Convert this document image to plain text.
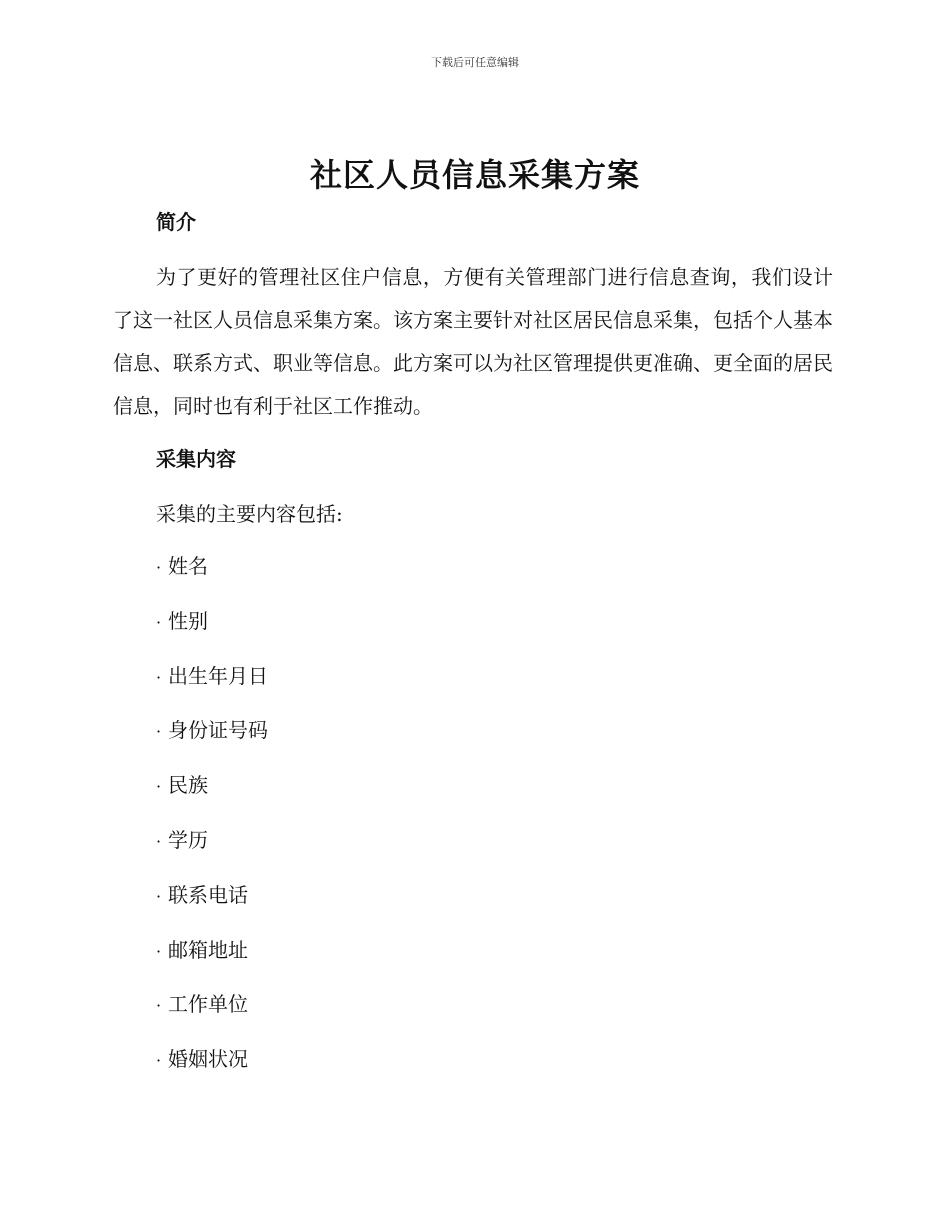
下载后可任意编辑
社区人员信息采集方案
简介

为了更好的管理社区住户信息，方便有关管理部门进行信息查询，我们设计了这一社区人员信息采集方案。该方案主要针对社区居民信息采集，包括个人基本信息、联系方式、职业等信息。此方案可以为社区管理提供更准确、更全面的居民信息，同时也有利于社区工作推动。

采集内容

采集的主要内容包括:

· 姓名
· 性别
· 出生年月日
· 身份证号码
· 民族
· 学历
· 联系电话
· 邮箱地址
· 工作单位
· 婚姻状况
